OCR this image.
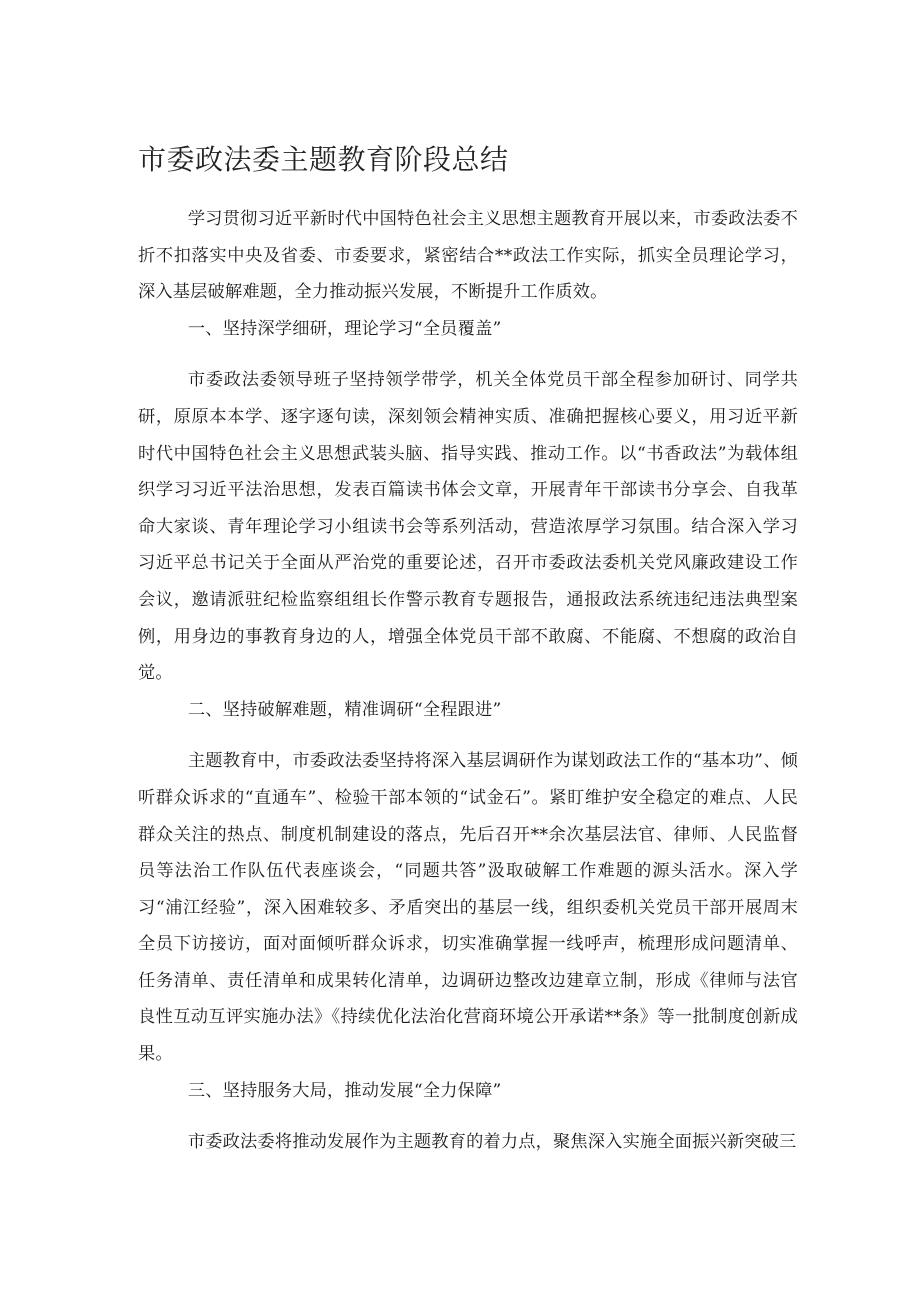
市委政法委主题教育阶段总结

学习贯彻习近平新时代中国特色社会主义思想主题教育开展以来，市委政法委不折不扣落实中央及省委、市委要求，紧密结合**政法工作实际，抓实全员理论学习，深入基层破解难题，全力推动振兴发展，不断提升工作质效。

一、坚持深学细研，理论学习“全员覆盖”

市委政法委领导班子坚持领学带学，机关全体党员干部全程参加研讨、同学共研，原原本本学、逐字逐句读，深刻领会精神实质、准确把握核心要义，用习近平新时代中国特色社会主义思想武装头脑、指导实践、推动工作。以“书香政法”为载体组织学习习近平法治思想，发表百篇读书体会文章，开展青年干部读书分享会、自我革命大家谈、青年理论学习小组读书会等系列活动，营造浓厚学习氛围。结合深入学习习近平总书记关于全面从严治党的重要论述，召开市委政法委机关党风廉政建设工作会议，邀请派驻纪检监察组组长作警示教育专题报告，通报政法系统违纪违法典型案例，用身边的事教育身边的人，增强全体党员干部不敢腐、不能腐、不想腐的政治自觉。

二、坚持破解难题，精准调研“全程跟进”

主题教育中，市委政法委坚持将深入基层调研作为谋划政法工作的“基本功”、倾听群众诉求的“直通车”、检验干部本领的“试金石”。紧盯维护安全稳定的难点、人民群众关注的热点、制度机制建设的落点，先后召开**余次基层法官、律师、人民监督员等法治工作队伍代表座谈会，“同题共答”汲取破解工作难题的源头活水。深入学习“浦江经验”，深入困难较多、矛盾突出的基层一线，组织委机关党员干部开展周末全员下访接访，面对面倾听群众诉求，切实准确掌握一线呼声，梳理形成问题清单、任务清单、责任清单和成果转化清单，边调研边整改边建章立制，形成《律师与法官良性互动互评实施办法》《持续优化法治化营商环境公开承诺**条》等一批制度创新成果。

三、坚持服务大局，推动发展“全力保障”

市委政法委将推动发展作为主题教育的着力点，聚焦深入实施全面振兴新突破三
